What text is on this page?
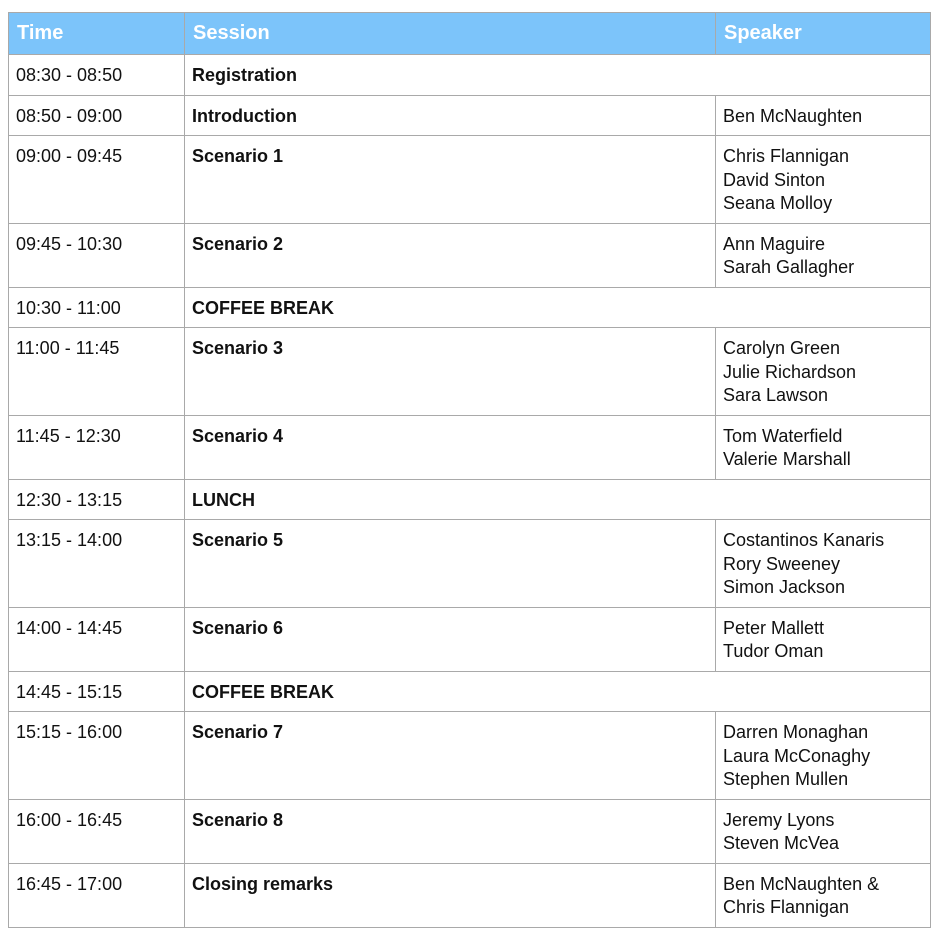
Time	Session	Speaker
08:30 - 08:50	Registration	
08:50 - 09:00	Introduction	Ben McNaughten

09:00 - 09:45	Scenario 1	Chris Flannigan
David Sinton
Seana Molloy

09:45 - 10:30	Scenario 2	Ann Maguire
Sarah Gallagher

10:30 - 11:00	COFFEE BREAK	
11:00 - 11:45	Scenario 3	Carolyn Green
Julie Richardson
Sara Lawson

11:45 - 12:30	Scenario 4	Tom Waterfield
Valerie Marshall

12:30 - 13:15	LUNCH	
13:15 - 14:00	Scenario 5	Costantinos Kanaris
Rory Sweeney
Simon Jackson

14:00 - 14:45	Scenario 6	Peter Mallett
Tudor Oman

14:45 - 15:15	COFFEE BREAK	
15:15 - 16:00	Scenario 7	Darren Monaghan
Laura McConaghy
Stephen Mullen

16:00 - 16:45	Scenario 8	Jeremy Lyons
Steven McVea

16:45 - 17:00	Closing remarks	Ben McNaughten &
Chris Flannigan
